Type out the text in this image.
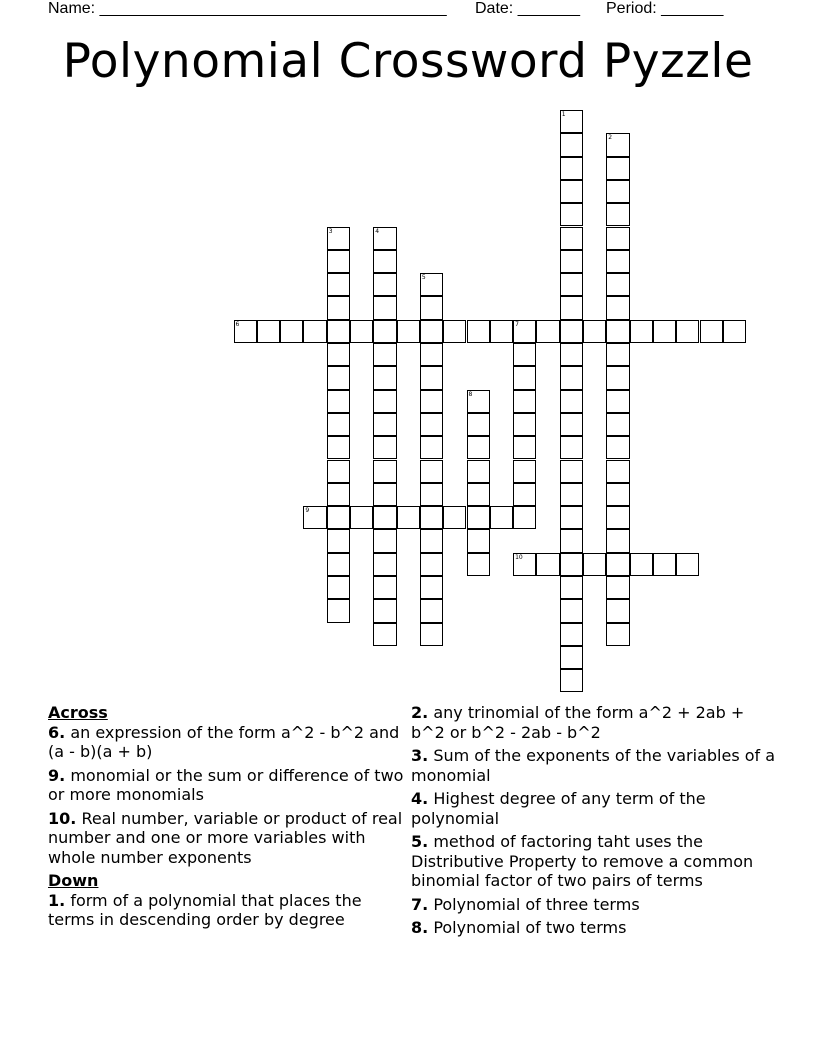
Name: _______________________________________ Date: _______ Period: _______
Polynomial Crossword Pyzzle
1
2
3	4
5
6	7
8
9
10

Across

6. an expression of the form a^2 - b^2 and (a - b)(a + b)

9. monomial or the sum or difference of two or more monomials

10. Real number, variable or product of real number and one or more variables with whole number exponents

Down

1. form of a polynomial that places the terms in descending order by degree

2. any trinomial of the form a^2 + 2ab + b^2 or b^2 - 2ab - b^2

3. Sum of the exponents of the variables of a monomial

4. Highest degree of any term of the polynomial

5. method of factoring taht uses the Distributive Property to remove a common binomial factor of two pairs of terms

7. Polynomial of three terms

8. Polynomial of two terms
